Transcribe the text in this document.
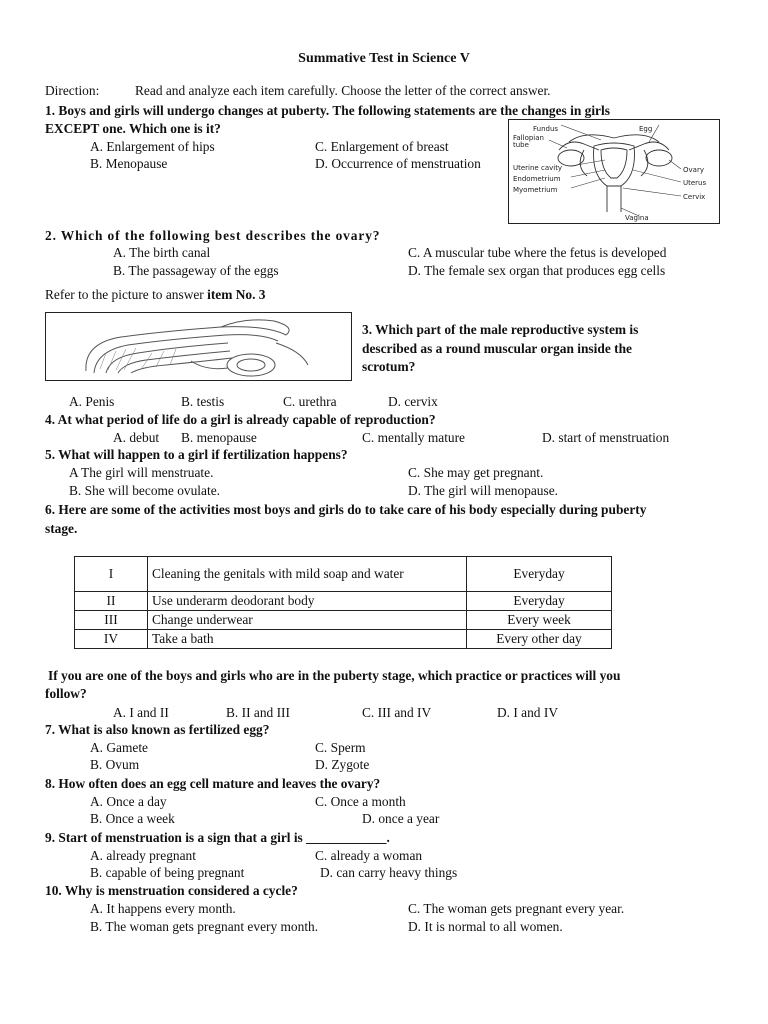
Summative Test in Science V
Direction:	Read and analyze each item carefully. Choose the letter of the correct answer.
1. Boys and girls will undergo changes at puberty. The following statements are the changes in girls
EXCEPT one. Which one is it?
A. Enlargement of hips
B. Menopause
C. Enlargement of breast
D. Occurrence of menstruation
Fundus	Egg
Fallopian
tube
Uterine cavity
Endometrium
Myometrium
Ovary
Uterus
Cervix
Vagina
2. Which of the following best describes the ovary?
A. The birth canal
B. The passageway of the eggs
C. A muscular tube where the fetus is developed
D. The female sex organ that produces egg cells
Refer to the picture to answer item No. 3
3. Which part of the male reproductive system is
described as a round muscular organ inside the
scrotum?
A. Penis	B. testis	C. urethra	D. cervix
4. At what period of life do a girl is already capable of reproduction?
A. debut B. menopause	C. mentally mature	D. start of menstruation
5. What will happen to a girl if fertilization happens?
A The girl will menstruate.
B. She will become ovulate.
C. She may get pregnant.
D. The girl will menopause.
6. Here are some of the activities most boys and girls do to take care of his body especially during puberty
stage.
I	Cleaning the genitals with mild soap and water	Everyday
II	Use underarm deodorant body	Everyday
III	Change underwear	Every week
IV	Take a bath	Every other day
If you are one of the boys and girls who are in the puberty stage, which practice or practices will you
follow?
A. I and II	B. II and III	C. III and IV	D. I and IV
7. What is also known as fertilized egg?
A. Gamete
B. Ovum
C. Sperm
D. Zygote
8. How often does an egg cell mature and leaves the ovary?
A. Once a day
B. Once a week
C. Once a month
D. once a year
9. Start of menstruation is a sign that a girl is ____________.
A. already pregnant
B. capable of being pregnant
C. already a woman
D. can carry heavy things
10. Why is menstruation considered a cycle?
A. It happens every month.
B. The woman gets pregnant every month.
C. The woman gets pregnant every year.
D. It is normal to all women.
